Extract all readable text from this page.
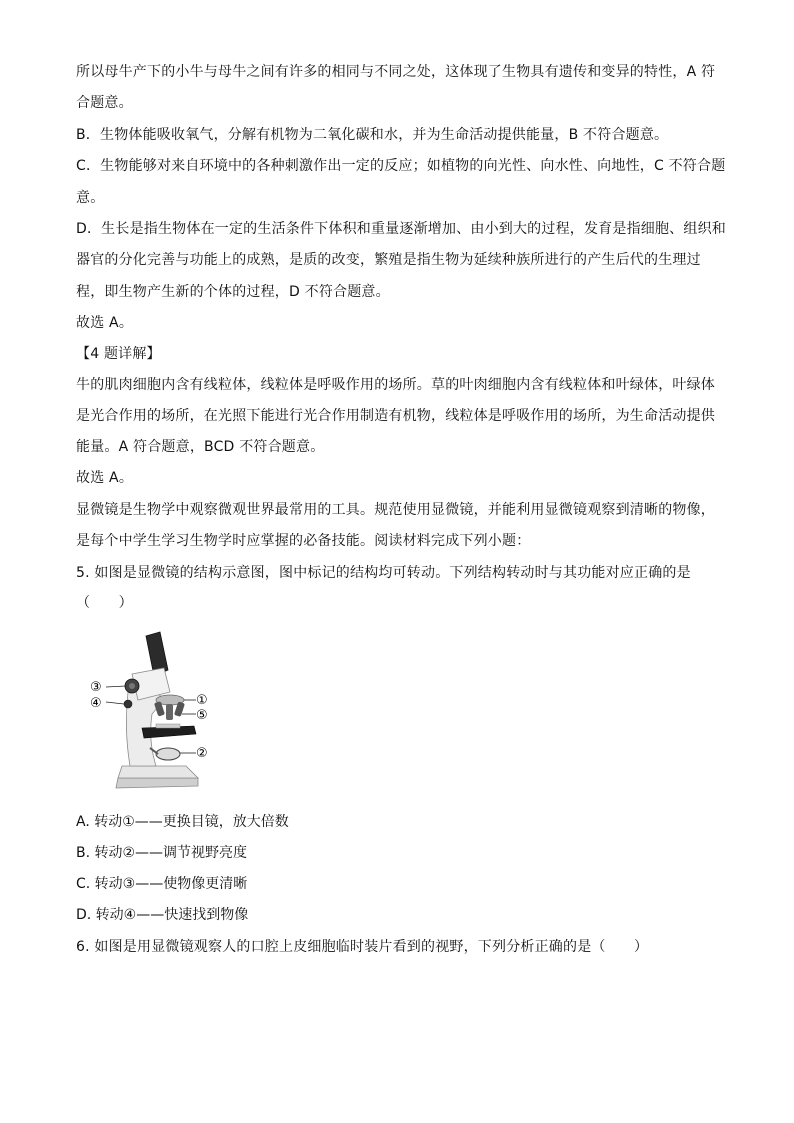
所以母牛产下的小牛与母牛之间有许多的相同与不同之处，这体现了生物具有遗传和变异的特性，A 符
合题意。
B．生物体能吸收氧气，分解有机物为二氧化碳和水，并为生命活动提供能量，B 不符合题意。
C．生物能够对来自环境中的各种刺激作出一定的反应；如植物的向光性、向水性、向地性，C 不符合题
意。
D．生长是指生物体在一定的生活条件下体积和重量逐渐增加、由小到大的过程，发育是指细胞、组织和
器官的分化完善与功能上的成熟，是质的改变，繁殖是指生物为延续种族所进行的产生后代的生理过
程，即生物产生新的个体的过程，D 不符合题意。
故选 A。
【4 题详解】
牛的肌肉细胞内含有线粒体，线粒体是呼吸作用的场所。草的叶肉细胞内含有线粒体和叶绿体，叶绿体
是光合作用的场所，在光照下能进行光合作用制造有机物，线粒体是呼吸作用的场所，为生命活动提供
能量。A 符合题意，BCD 不符合题意。
故选 A。
显微镜是生物学中观察微观世界最常用的工具。规范使用显微镜，并能利用显微镜观察到清晰的物像，
是每个中学生学习生物学时应掌握的必备技能。阅读材料完成下列小题：
5. 如图是显微镜的结构示意图，图中标记的结构均可转动。下列结构转动时与其功能对应正确的是
（　　）
③
④	①
⑤
②
A. 转动①——更换目镜，放大倍数
B. 转动②——调节视野亮度
C. 转动③——使物像更清晰
D. 转动④——快速找到物像
6. 如图是用显微镜观察人的口腔上皮细胞临时装片看到的视野，下列分析正确的是（　　）
